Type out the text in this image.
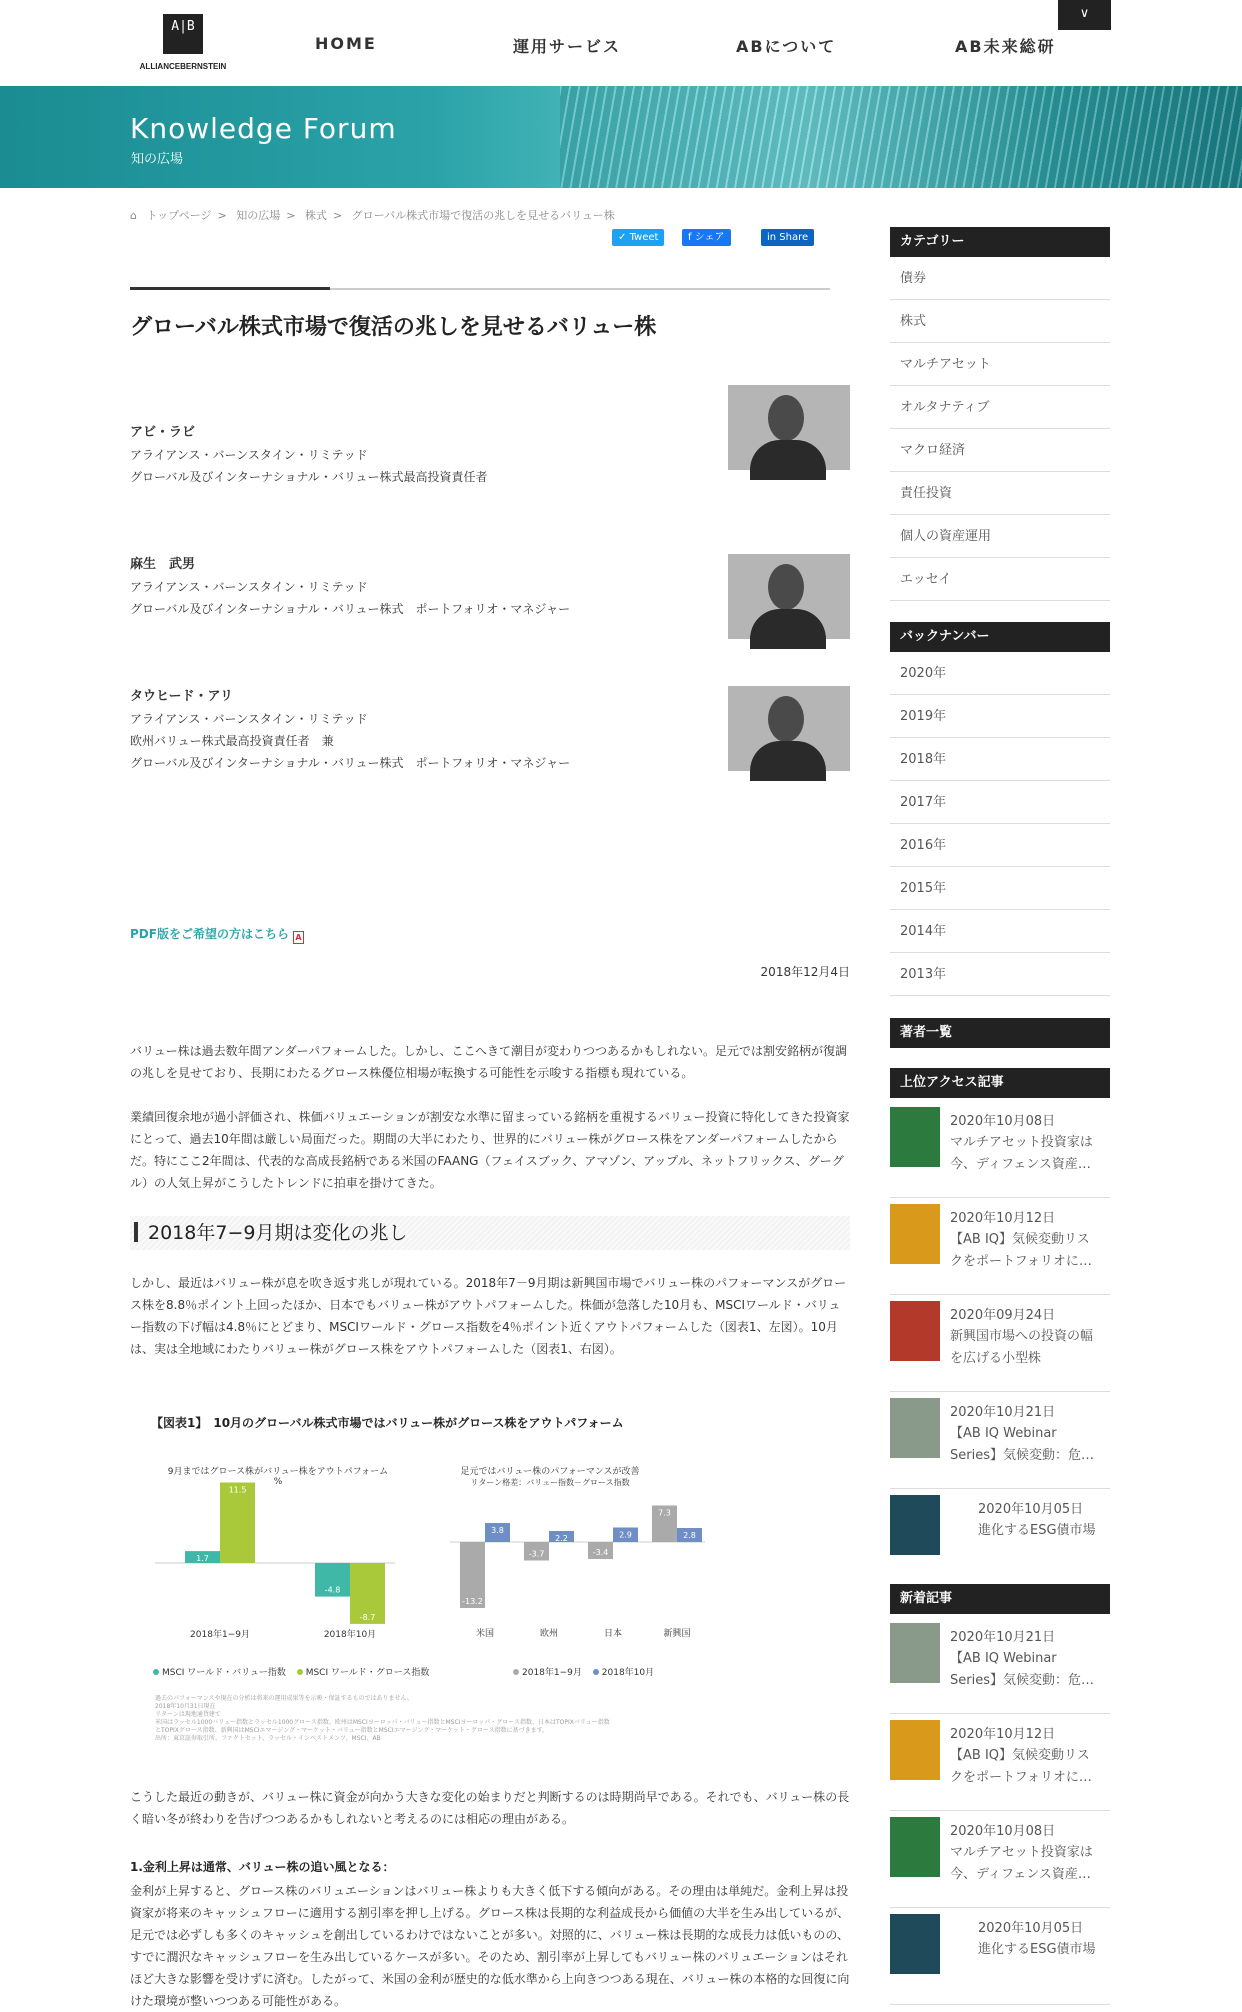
A|B
ALLIANCEBERNSTEIN
HOME	運用サービス	ABについて	AB未来総研
∨
Knowledge Forum
知の広場
⌂ トップページ > 知の広場 > 株式 > グローバル株式市場で復活の兆しを見せるバリュー株
✓ Tweet	f シェア	in Share
グローバル株式市場で復活の兆しを見せるバリュー株
アビ・ラビ
アライアンス・バーンスタイン・リミテッド
グローバル及びインターナショナル・バリュー株式最高投資責任者
麻生　武男
アライアンス・バーンスタイン・リミテッド
グローバル及びインターナショナル・バリュー株式　ポートフォリオ・マネジャー
タウヒード・アリ
アライアンス・バーンスタイン・リミテッド
欧州バリュー株式最高投資責任者　兼
グローバル及びインターナショナル・バリュー株式　ポートフォリオ・マネジャー
PDF版をご希望の方はこちら A
2018年12月4日
バリュー株は過去数年間アンダーパフォームした。しかし、ここへきて潮目が変わりつつあるかもしれない。足元では割安銘柄が復調の兆しを見せており、長期にわたるグロース株優位相場が転換する可能性を示唆する指標も現れている。
業績回復余地が過小評価され、株価バリュエーションが割安な水準に留まっている銘柄を重視するバリュー投資に特化してきた投資家にとって、過去10年間は厳しい局面だった。期間の大半にわたり、世界的にバリュー株がグロース株をアンダーパフォームしたからだ。特にここ2年間は、代表的な高成長銘柄である米国のFAANG（フェイスブック、アマゾン、アップル、ネットフリックス、グーグル）の人気上昇がこうしたトレンドに拍車を掛けてきた。
2018年7−9月期は変化の兆し
しかし、最近はバリュー株が息を吹き返す兆しが現れている。2018年7－9月期は新興国市場でバリュー株のパフォーマンスがグロース株を8.8％ポイント上回ったほか、日本でもバリュー株がアウトパフォームした。株価が急落した10月も、MSCIワールド・バリュー指数の下げ幅は4.8％にとどまり、MSCIワールド・グロース指数を4％ポイント近くアウトパフォームした（図表1、左図）。10月は、実は全地域にわたりバリュー株がグロース株をアウトパフォームした（図表1、右図）。
【図表1】　10月のグローバル株式市場ではバリュー株がグロース株をアウトパフォーム
9月まではグロース株がバリュー株をアウトパフォーム
%
足元ではバリュー株のパフォーマンスが改善
リターン格差：バリュー指数－グロース指数
1.7
11.5
2018年1−9月
-4.8
-8.7
2018年10月
-13.2
3.8
米国
-3.7
2.2
欧州
-3.4
2.9
日本
7.3
2.8
新興国
MSCI ワールド・バリュー指数 MSCI ワールド・グロース指数	2018年1−9月 2018年10月
過去のパフォーマンスや現在の分析は将来の運用成果等を示唆・保証するものではありません。
2018年10月31日現在
リターンは現地通貨建て
米国はラッセル1000バリュー指数とラッセル1000グロース指数、欧州はMSCIヨーロッパ・バリュー指数とMSCIヨーロッパ・グロース指数、日本はTOPIXバリュー指数
とTOPIXグロース指数、新興国はMSCIエマージング・マーケット・バリュー指数とMSCIエマージング・マーケット・グロース指数に基づきます。
出所：東京証券取引所、ファクトセット、ラッセル・インベストメンツ、MSCI、AB
こうした最近の動きが、バリュー株に資金が向かう大きな変化の始まりだと判断するのは時期尚早である。それでも、バリュー株の長く暗い冬が終わりを告げつつあるかもしれないと考えるのには相応の理由がある。
1.金利上昇は通常、バリュー株の追い風となる：
金利が上昇すると、グロース株のバリュエーションはバリュー株よりも大きく低下する傾向がある。その理由は単純だ。金利上昇は投資家が将来のキャッシュフローに適用する割引率を押し上げる。グロース株は長期的な利益成長から価値の大半を生み出しているが、足元では必ずしも多くのキャッシュを創出しているわけではないことが多い。対照的に、バリュー株は長期的な成長力は低いものの、すでに潤沢なキャッシュフローを生み出しているケースが多い。そのため、割引率が上昇してもバリュー株のバリュエーションはそれほど大きな影響を受けずに済む。したがって、米国の金利が歴史的な低水準から上向きつつある現在、バリュー株の本格的な回復に向けた環境が整いつつある可能性がある。
カテゴリー
債券
株式
マルチアセット
オルタナティブ
マクロ経済
責任投資
個人の資産運用
エッセイ
バックナンバー
2020年
2019年
2018年
2017年
2016年
2015年
2014年
2013年
著者一覧
上位アクセス記事
2020年10月08日
マルチアセット投資家は今、ディフェンス資産…
2020年10月12日
【AB IQ】気候変動リスクをポートフォリオに…
2020年09月24日
新興国市場への投資の幅を広げる小型株
2020年10月21日
【AB IQ Webinar Series】気候変動：危…
2020年10月05日
進化するESG債市場
新着記事
2020年10月21日
【AB IQ Webinar Series】気候変動：危…
2020年10月12日
【AB IQ】気候変動リスクをポートフォリオに…
2020年10月08日
マルチアセット投資家は今、ディフェンス資産…
2020年10月05日
進化するESG債市場
